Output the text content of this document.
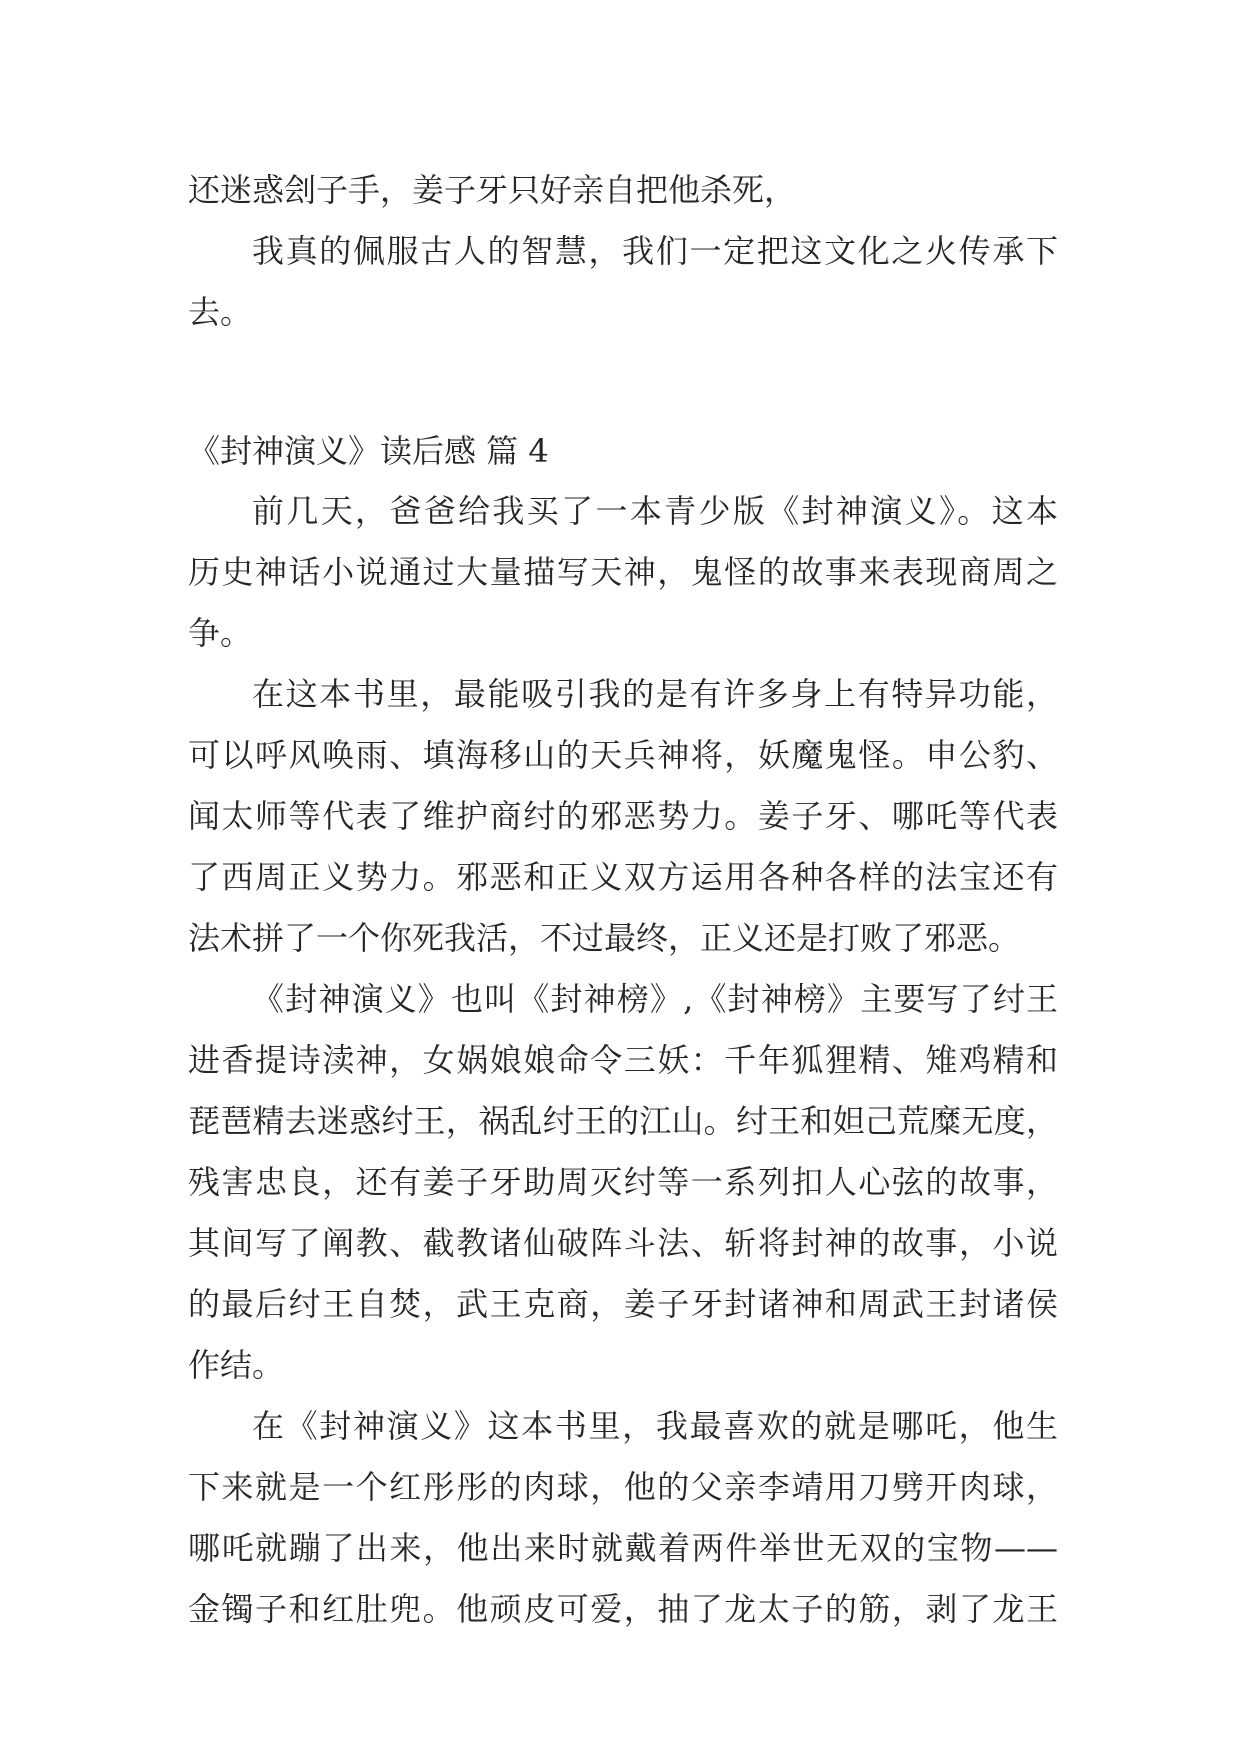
还迷惑刽子手，姜子牙只好亲自把他杀死，
我真的佩服古人的智慧，我们一定把这文化之火传承下
去。
《封神演义》读后感 篇 4
前几天，爸爸给我买了一本青少版《封神演义》。这本
历史神话小说通过大量描写天神，鬼怪的故事来表现商周之
争。
在这本书里，最能吸引我的是有许多身上有特异功能，
可以呼风唤雨、填海移山的天兵神将，妖魔鬼怪。申公豹、
闻太师等代表了维护商纣的邪恶势力。姜子牙、哪吒等代表
了西周正义势力。邪恶和正义双方运用各种各样的法宝还有
法术拼了一个你死我活，不过最终，正义还是打败了邪恶。
《封神演义》也叫《封神榜》,《封神榜》主要写了纣王
进香提诗渎神，女娲娘娘命令三妖：千年狐狸精、雉鸡精和
琵琶精去迷惑纣王，祸乱纣王的江山。纣王和妲己荒糜无度，
残害忠良，还有姜子牙助周灭纣等一系列扣人心弦的故事，
其间写了阐教、截教诸仙破阵斗法、斩将封神的故事，小说
的最后纣王自焚，武王克商，姜子牙封诸神和周武王封诸侯
作结。
在《封神演义》这本书里，我最喜欢的就是哪吒，他生
下来就是一个红彤彤的肉球，他的父亲李靖用刀劈开肉球，
哪吒就蹦了出来，他出来时就戴着两件举世无双的宝物——
金镯子和红肚兜。他顽皮可爱，抽了龙太子的筋，剥了龙王
